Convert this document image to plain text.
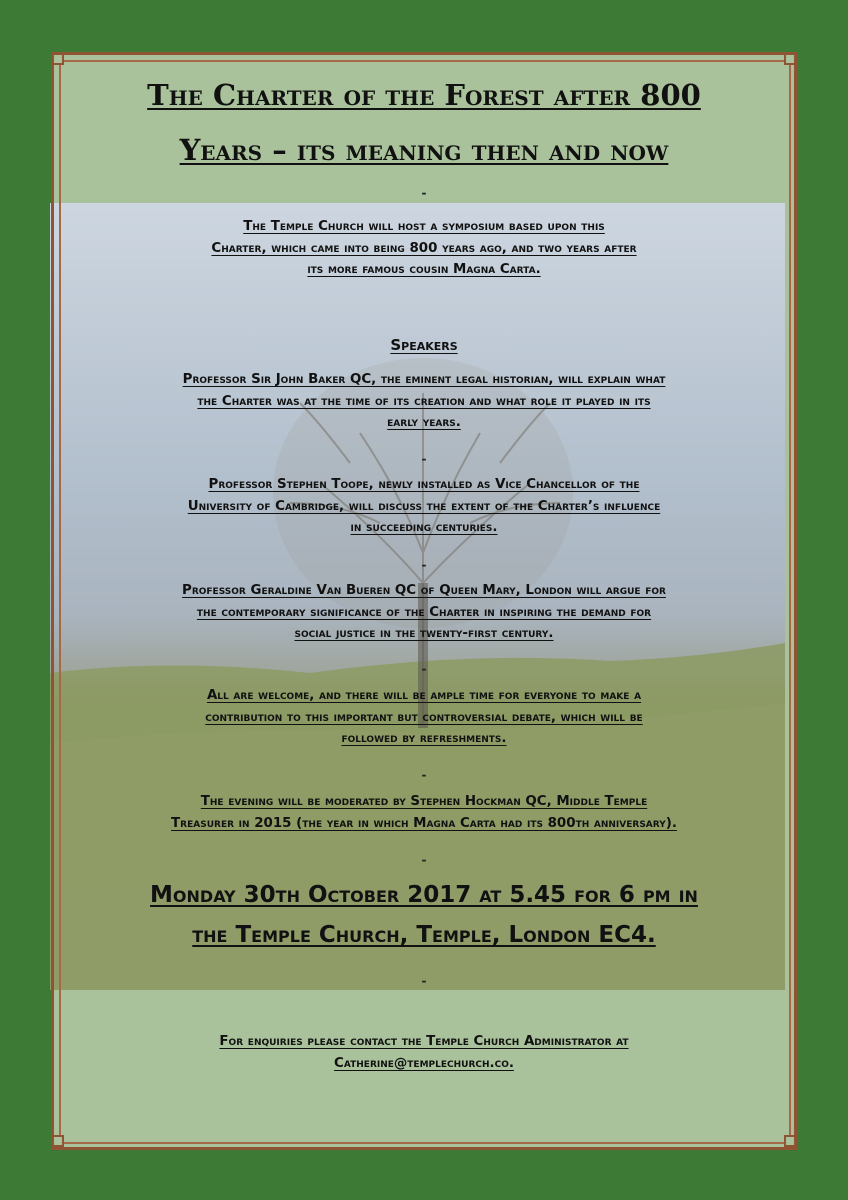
The Charter of the Forest after 800
Years – its meaning then and now
-
The Temple Church will host a symposium based upon this
Charter, which came into being 800 years ago, and two years after
its more famous cousin Magna Carta.
Speakers
Professor Sir John Baker QC, the eminent legal historian, will explain what
the Charter was at the time of its creation and what role it played in its
early years.
-
Professor Stephen Toope, newly installed as Vice Chancellor of the
University of Cambridge, will discuss the extent of the Charter’s influence
in succeeding centuries.
-
Professor Geraldine Van Bueren QC of Queen Mary, London will argue for
the contemporary significance of the Charter in inspiring the demand for
social justice in the twenty-first century.
-
All are welcome, and there will be ample time for everyone to make a
contribution to this important but controversial debate, which will be
followed by refreshments.
-
The evening will be moderated by Stephen Hockman QC, Middle Temple
Treasurer in 2015 (the year in which Magna Carta had its 800th anniversary).
-
Monday 30th October 2017 at 5.45 for 6 pm in
the Temple Church, Temple, London EC4.
-
For enquiries please contact the Temple Church Administrator at
Catherine@templechurch.co.
